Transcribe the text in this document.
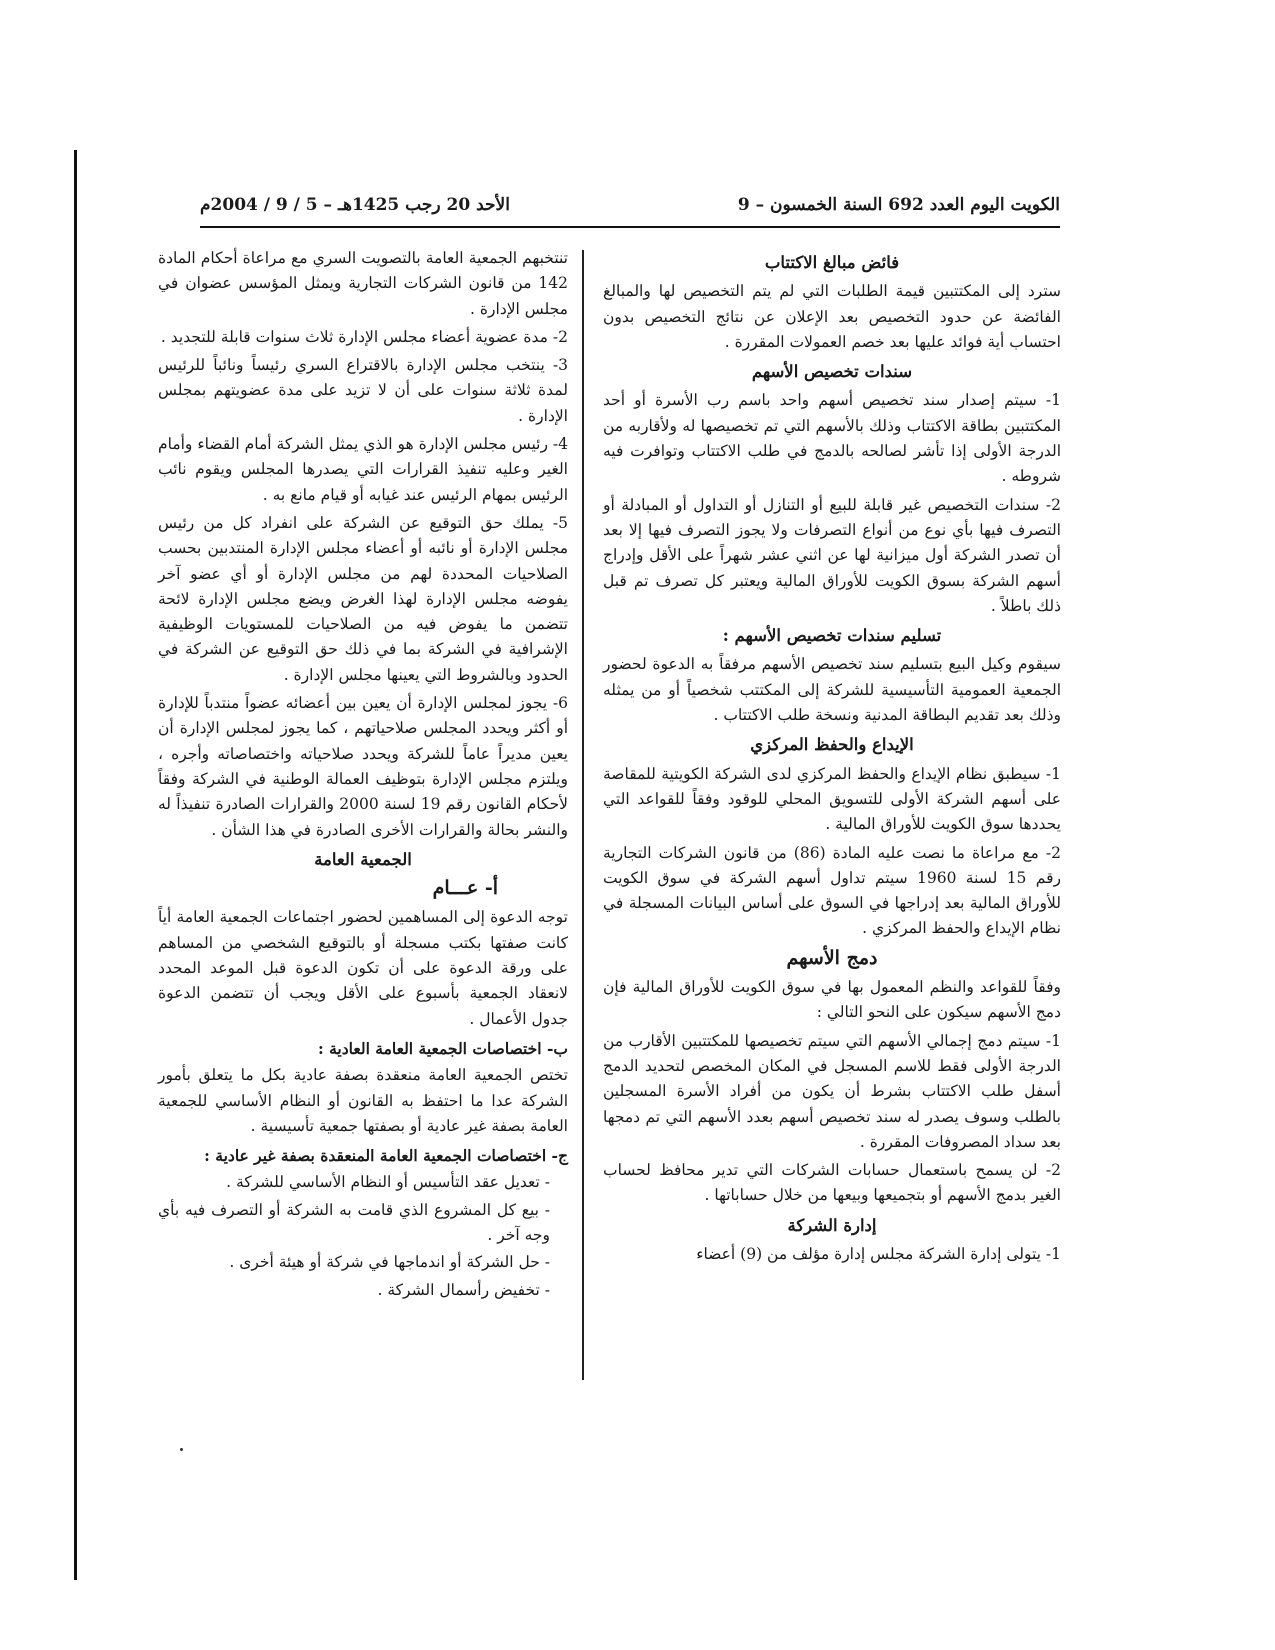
الكويت اليوم العدد 692 السنة الخمسون – 9
الأحد 20 رجب 1425هـ – 5 / 9 / 2004م
فائض مبالغ الاكتتاب

سترد إلى المكتتبين قيمة الطلبات التي لم يتم التخصيص لها والمبالغ الفائضة عن حدود التخصيص بعد الإعلان عن نتائج التخصيص بدون احتساب أية فوائد عليها بعد خصم العمولات المقررة .

سندات تخصيص الأسهم

1- سيتم إصدار سند تخصيص أسهم واحد باسم رب الأسرة أو أحد المكتتبين بطاقة الاكتتاب وذلك بالأسهم التي تم تخصيصها له ولأقاربه من الدرجة الأولى إذا تأشر لصالحه بالدمج في طلب الاكتتاب وتوافرت فيه شروطه .

2- سندات التخصيص غير قابلة للبيع أو التنازل أو التداول أو المبادلة أو التصرف فيها بأي نوع من أنواع التصرفات ولا يجوز التصرف فيها إلا بعد أن تصدر الشركة أول ميزانية لها عن اثني عشر شهراً على الأقل وإدراج أسهم الشركة بسوق الكويت للأوراق المالية ويعتبر كل تصرف تم قبل ذلك باطلاً .

تسليم سندات تخصيص الأسهم :

سيقوم وكيل البيع بتسليم سند تخصيص الأسهم مرفقاً به الدعوة لحضور الجمعية العمومية التأسيسية للشركة إلى المكتتب شخصياً أو من يمثله وذلك بعد تقديم البطاقة المدنية ونسخة طلب الاكتتاب .

الإيداع والحفظ المركزي

1- سيطبق نظام الإيداع والحفظ المركزي لدى الشركة الكويتية للمقاصة على أسهم الشركة الأولى للتسويق المحلي للوقود وفقاً للقواعد التي يحددها سوق الكويت للأوراق المالية .

2- مع مراعاة ما نصت عليه المادة (86) من قانون الشركات التجارية رقم 15 لسنة 1960 سيتم تداول أسهم الشركة في سوق الكويت للأوراق المالية بعد إدراجها في السوق على أساس البيانات المسجلة في نظام الإيداع والحفظ المركزي .

دمج الأسهم

وفقاً للقواعد والنظم المعمول بها في سوق الكويت للأوراق المالية فإن دمج الأسهم سيكون على النحو التالي :

1- سيتم دمج إجمالي الأسهم التي سيتم تخصيصها للمكتتبين الأقارب من الدرجة الأولى فقط للاسم المسجل في المكان المخصص لتحديد الدمج أسفل طلب الاكتتاب بشرط أن يكون من أفراد الأسرة المسجلين بالطلب وسوف يصدر له سند تخصيص أسهم بعدد الأسهم التي تم دمجها بعد سداد المصروفات المقررة .

2- لن يسمح باستعمال حسابات الشركات التي تدير محافظ لحساب الغير بدمج الأسهم أو بتجميعها وبيعها من خلال حساباتها .

إدارة الشركة

1- يتولى إدارة الشركة مجلس إدارة مؤلف من (9) أعضاء

تنتخبهم الجمعية العامة بالتصويت السري مع مراعاة أحكام المادة 142 من قانون الشركات التجارية ويمثل المؤسس عضوان في مجلس الإدارة .

2- مدة عضوية أعضاء مجلس الإدارة ثلاث سنوات قابلة للتجديد .

3- ينتخب مجلس الإدارة بالاقتراع السري رئيساً ونائباً للرئيس لمدة ثلاثة سنوات على أن لا تزيد على مدة عضويتهم بمجلس الإدارة .

4- رئيس مجلس الإدارة هو الذي يمثل الشركة أمام القضاء وأمام الغير وعليه تنفيذ القرارات التي يصدرها المجلس ويقوم نائب الرئيس بمهام الرئيس عند غيابه أو قيام مانع به .

5- يملك حق التوقيع عن الشركة على انفراد كل من رئيس مجلس الإدارة أو نائبه أو أعضاء مجلس الإدارة المنتدبين بحسب الصلاحيات المحددة لهم من مجلس الإدارة أو أي عضو آخر يفوضه مجلس الإدارة لهذا الغرض ويضع مجلس الإدارة لائحة تتضمن ما يفوض فيه من الصلاحيات للمستويات الوظيفية الإشرافية في الشركة بما في ذلك حق التوقيع عن الشركة في الحدود وبالشروط التي يعينها مجلس الإدارة .

6- يجوز لمجلس الإدارة أن يعين بين أعضائه عضواً منتدباً للإدارة أو أكثر ويحدد المجلس صلاحياتهم ، كما يجوز لمجلس الإدارة أن يعين مديراً عاماً للشركة ويحدد صلاحياته واختصاصاته وأجره ، ويلتزم مجلس الإدارة بتوظيف العمالة الوطنية في الشركة وفقاً لأحكام القانون رقم 19 لسنة 2000 والقرارات الصادرة تنفيذاً له والنشر بحالة والقرارات الأخرى الصادرة في هذا الشأن .

الجمعية العامة
أ- عـــام

توجه الدعوة إلى المساهمين لحضور اجتماعات الجمعية العامة أياً كانت صفتها بكتب مسجلة أو بالتوقيع الشخصي من المساهم على ورقة الدعوة على أن تكون الدعوة قبل الموعد المحدد لانعقاد الجمعية بأسبوع على الأقل ويجب أن تتضمن الدعوة جدول الأعمال .

ب- اختصاصات الجمعية العامة العادية :

تختص الجمعية العامة منعقدة بصفة عادية بكل ما يتعلق بأمور الشركة عدا ما احتفظ به القانون أو النظام الأساسي للجمعية العامة بصفة غير عادية أو بصفتها جمعية تأسيسية .

ج- اختصاصات الجمعية العامة المنعقدة بصفة غير عادية :

- تعديل عقد التأسيس أو النظام الأساسي للشركة .

- بيع كل المشروع الذي قامت به الشركة أو التصرف فيه بأي وجه آخر .

- حل الشركة أو اندماجها في شركة أو هيئة أخرى .

- تخفيض رأسمال الشركة .
